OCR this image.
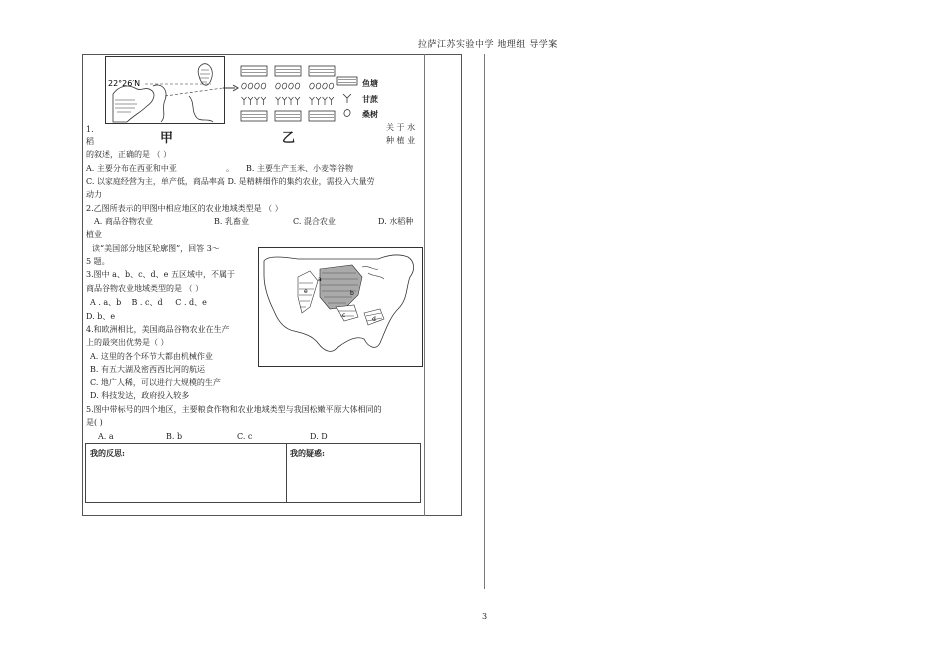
拉萨江苏实验中学 地理组 导学案
22°26′N	鱼塘
甘蔗
桑树
甲	乙
1.	关 于 水
稻	种 植 业
的叙述，正确的是 （ ）
A. 主要分布在西亚和中亚	。 B. 主要生产玉米、小麦等谷物
C. 以家庭经营为主，单产低，商品率高 D. 是精耕细作的集约农业，需投入大量劳
动力
2.乙图所表示的甲图中相应地区的农业地域类型是 （ ）
A. 商品谷物农业	B. 乳畜业	C. 混合农业	D. 水稻种
植业
读“美国部分地区轮廓图”，回答 3～
5 题。
a
b
c
d
e
3.图中 a、b、c、d、e 五区域中，不属于
商品谷物农业地域类型的是 （ ）
A . a、b    B . c、d     C . d、e
D. b、e
4.和欧洲相比，美国商品谷物农业在生产
上的最突出优势是（ ）
A. 这里的各个环节大都由机械作业
B. 有五大湖及密西西比河的航运
C. 地广人稀，可以进行大规模的生产
D. 科技发达，政府投入较多
5.图中带标号的四个地区，主要粮食作物和农业地域类型与我国松嫩平原大体相同的
是( )
A. a	B. b	C. c	D. D
我的反思:	我的疑惑:
3
